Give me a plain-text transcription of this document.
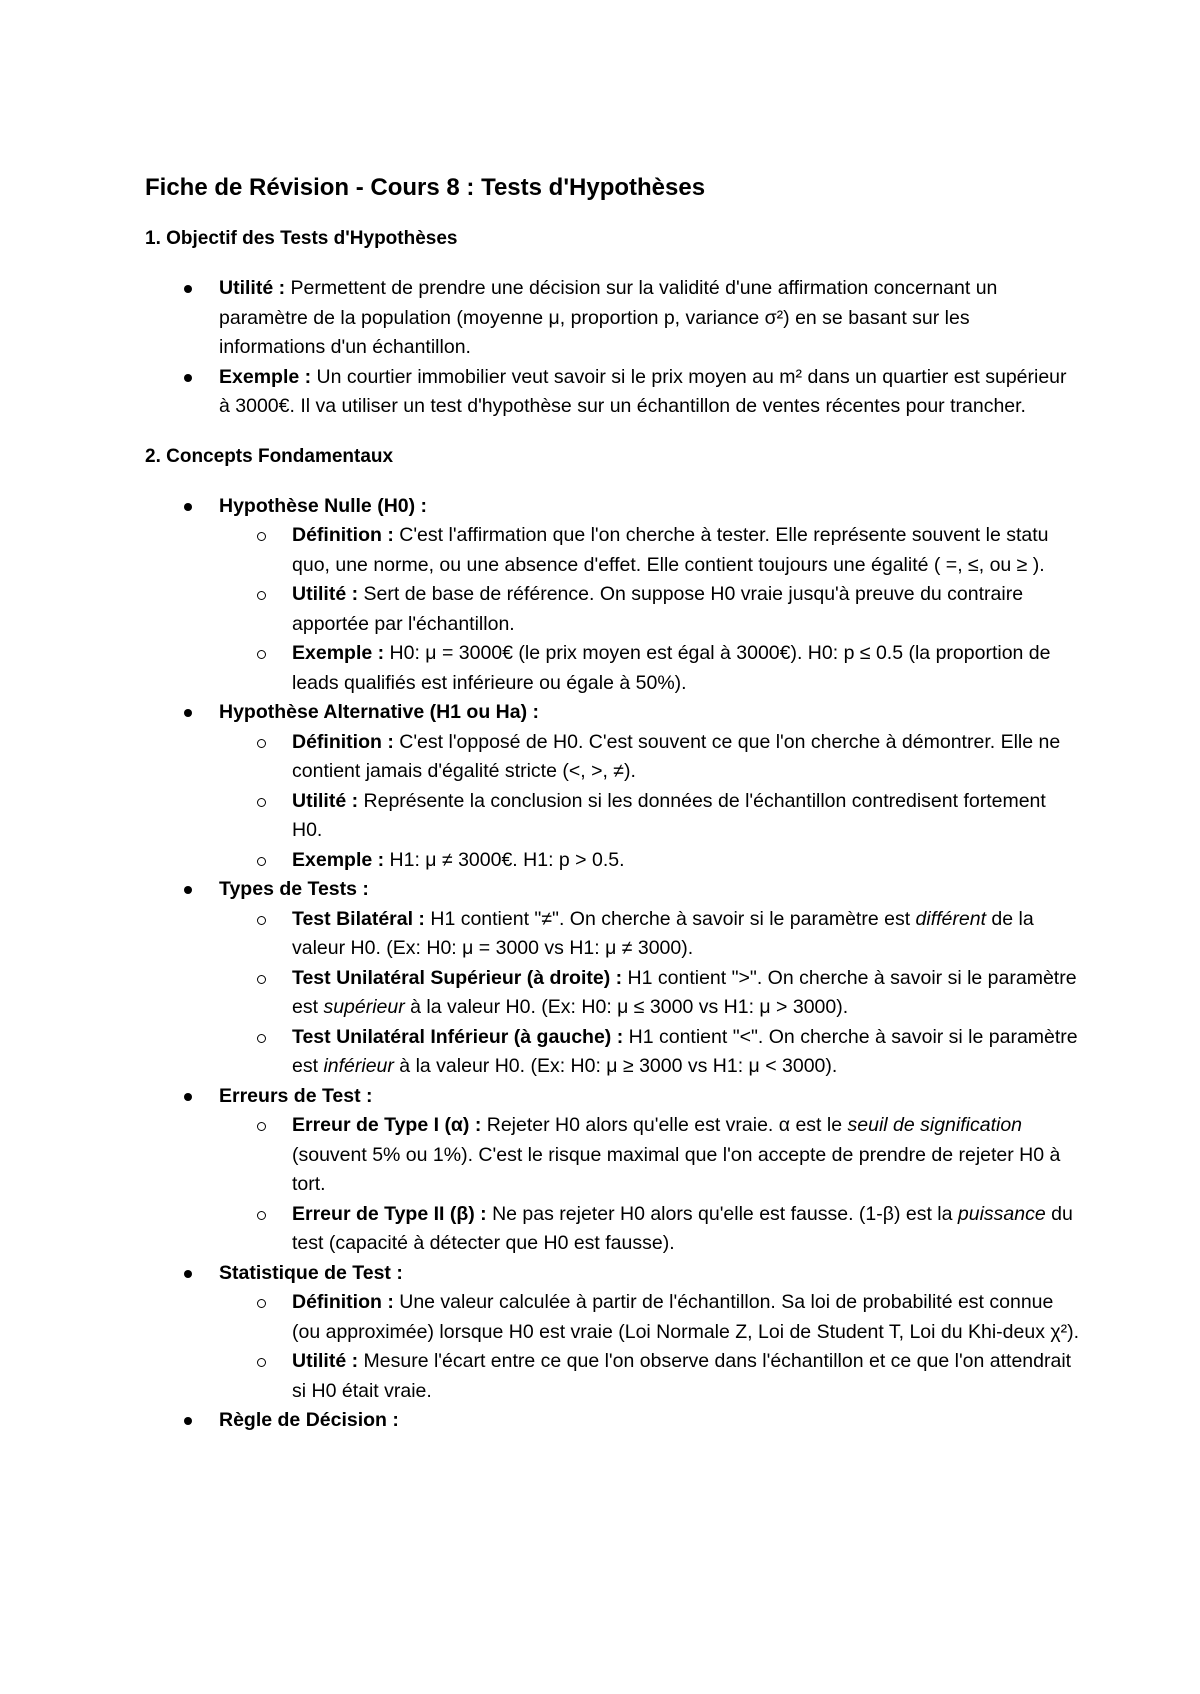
Fiche de Révision - Cours 8 : Tests d'Hypothèses
1. Objectif des Tests d'Hypothèses
Utilité : Permettent de prendre une décision sur la validité d'une affirmation concernant un paramètre de la population (moyenne μ, proportion p, variance σ²) en se basant sur les informations d'un échantillon.
Exemple : Un courtier immobilier veut savoir si le prix moyen au m² dans un quartier est supérieur à 3000€. Il va utiliser un test d'hypothèse sur un échantillon de ventes récentes pour trancher.
2. Concepts Fondamentaux
Hypothèse Nulle (H0) :
Définition : C'est l'affirmation que l'on cherche à tester. Elle représente souvent le statu quo, une norme, ou une absence d'effet. Elle contient toujours une égalité ( =, ≤, ou ≥ ).
Utilité : Sert de base de référence. On suppose H0 vraie jusqu'à preuve du contraire apportée par l'échantillon.
Exemple : H0: μ = 3000€ (le prix moyen est égal à 3000€). H0: p ≤ 0.5 (la proportion de leads qualifiés est inférieure ou égale à 50%).
Hypothèse Alternative (H1 ou Ha) :
Définition : C'est l'opposé de H0. C'est souvent ce que l'on cherche à démontrer. Elle ne contient jamais d'égalité stricte (<, >, ≠).
Utilité : Représente la conclusion si les données de l'échantillon contredisent fortement H0.
Exemple : H1: μ ≠ 3000€. H1: p > 0.5.
Types de Tests :
Test Bilatéral : H1 contient "≠". On cherche à savoir si le paramètre est différent de la valeur H0. (Ex: H0: μ = 3000 vs H1: μ ≠ 3000).
Test Unilatéral Supérieur (à droite) : H1 contient ">". On cherche à savoir si le paramètre est supérieur à la valeur H0. (Ex: H0: μ ≤ 3000 vs H1: μ > 3000).
Test Unilatéral Inférieur (à gauche) : H1 contient "<". On cherche à savoir si le paramètre est inférieur à la valeur H0. (Ex: H0: μ ≥ 3000 vs H1: μ < 3000).
Erreurs de Test :
Erreur de Type I (α) : Rejeter H0 alors qu'elle est vraie. α est le seuil de signification (souvent 5% ou 1%). C'est le risque maximal que l'on accepte de prendre de rejeter H0 à tort.
Erreur de Type II (β) : Ne pas rejeter H0 alors qu'elle est fausse. (1-β) est la puissance du test (capacité à détecter que H0 est fausse).
Statistique de Test :
Définition : Une valeur calculée à partir de l'échantillon. Sa loi de probabilité est connue (ou approximée) lorsque H0 est vraie (Loi Normale Z, Loi de Student T, Loi du Khi-deux χ²).
Utilité : Mesure l'écart entre ce que l'on observe dans l'échantillon et ce que l'on attendrait si H0 était vraie.
Règle de Décision :
